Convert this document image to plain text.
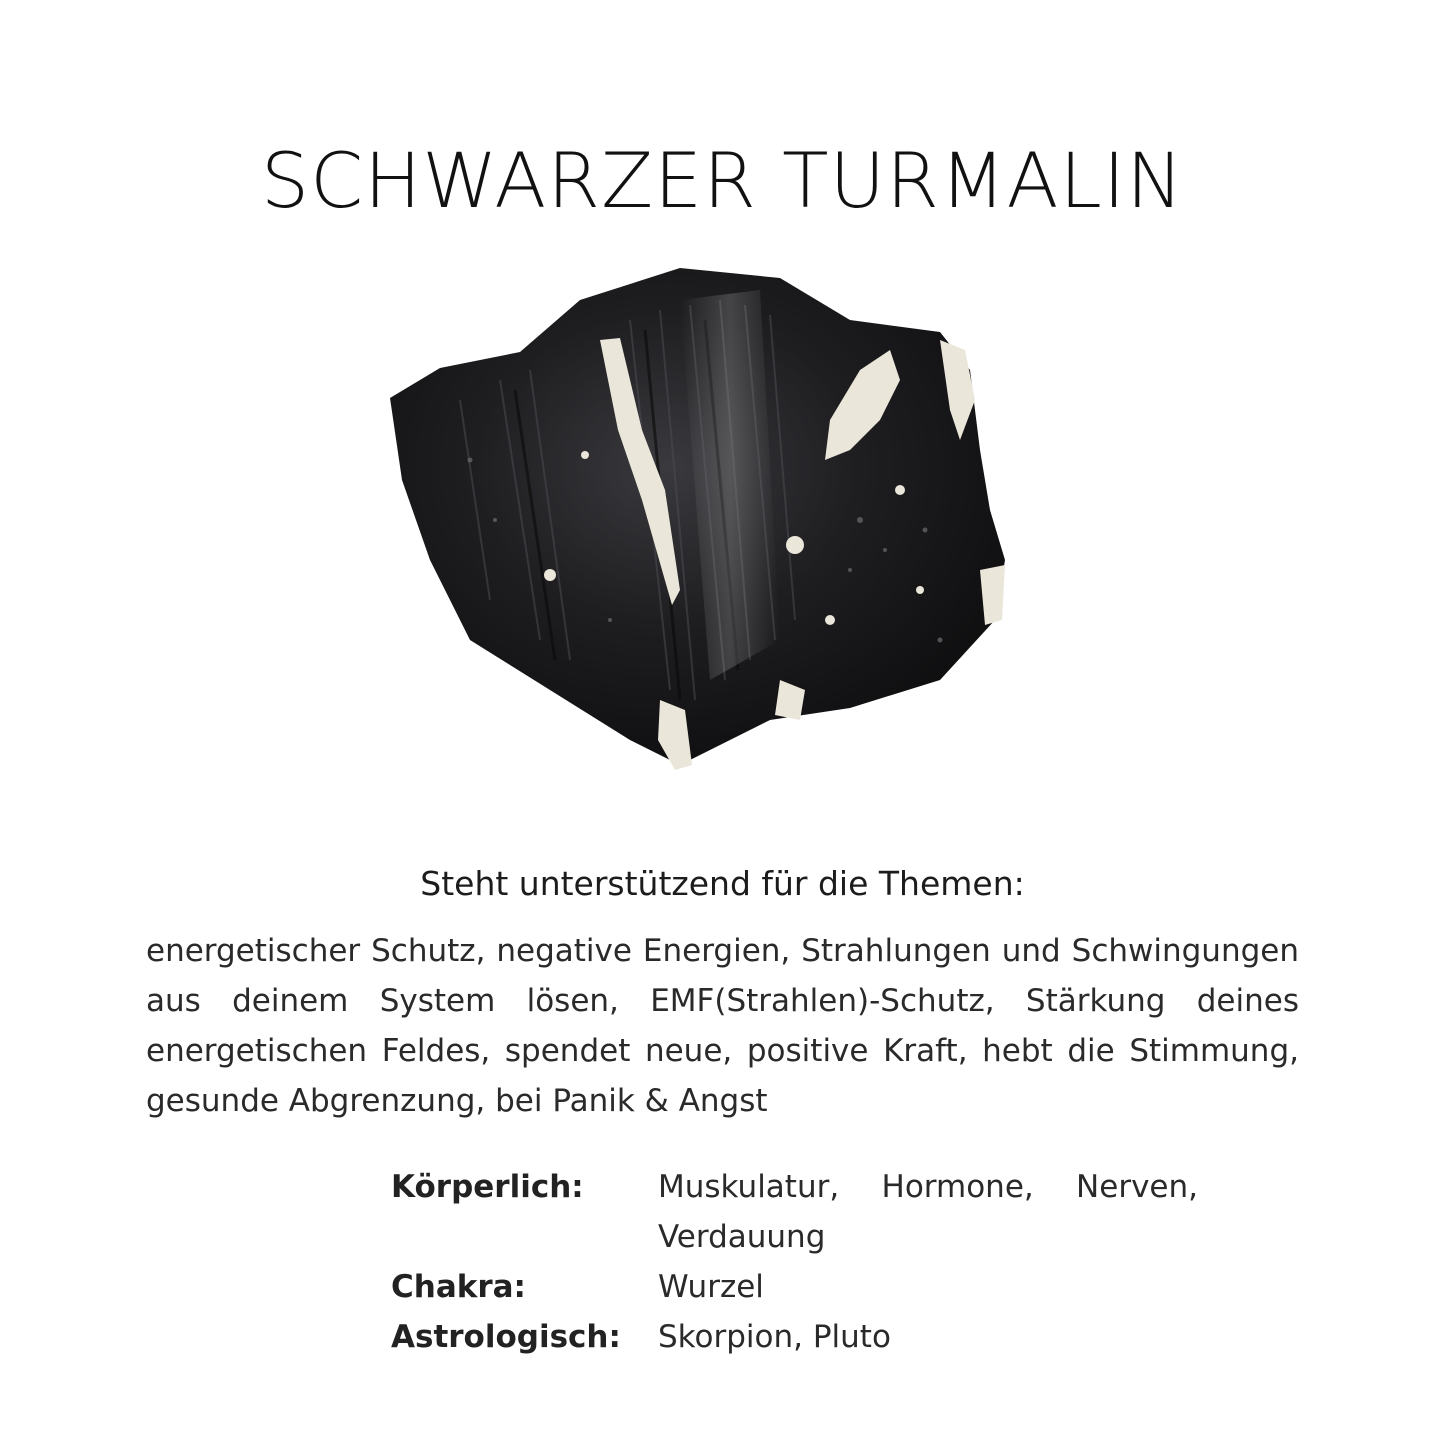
SCHWARZER TURMALIN

Steht unterstützend für die Themen:

energetischer Schutz, negative Energien, Strahlungen und Schwingungen aus deinem System lösen, EMF(Strahlen)-Schutz, Stärkung deines energetischen Feldes, spendet neue, positive Kraft, hebt die Stimmung, gesunde Abgrenzung, bei Panik & Angst

Körperlich:	Muskulatur, Hormone, Nerven, Verdauung
Chakra:	Wurzel
Astrologisch:	Skorpion, Pluto
